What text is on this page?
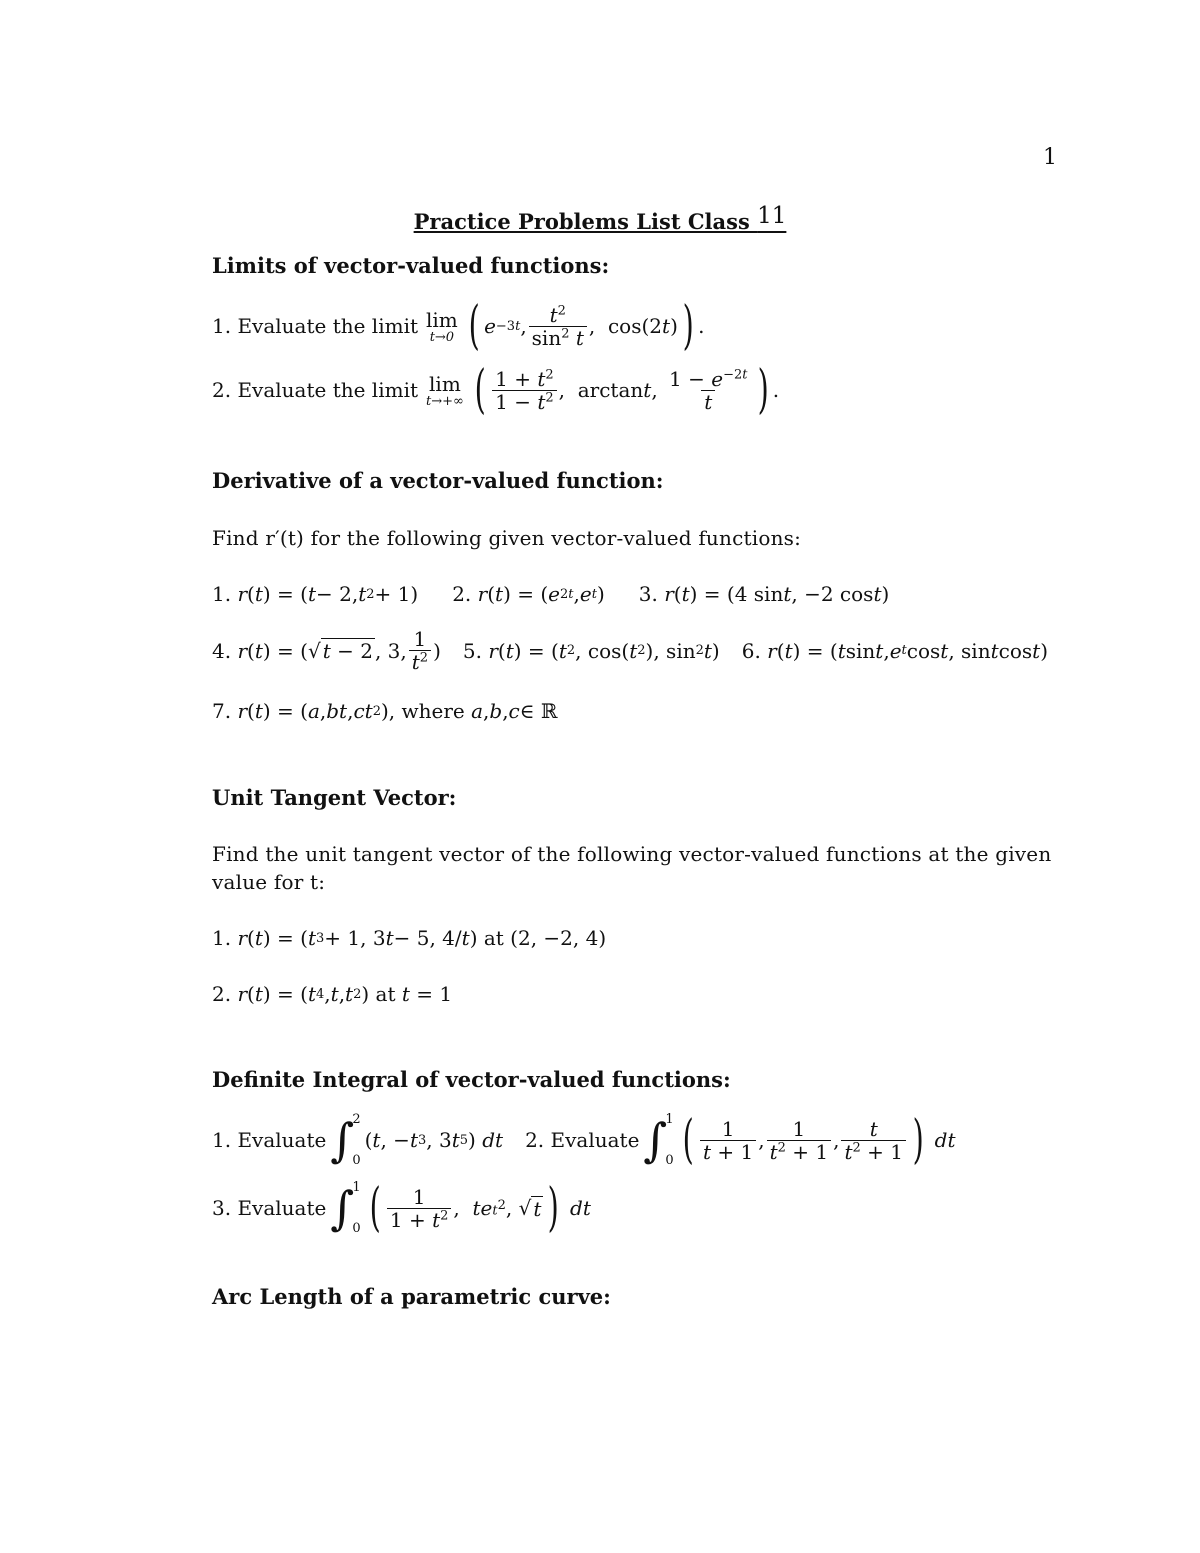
1
Practice Problems List Class 11
Limits of vector-valued functions:
1. Evaluate the limit lim
t→0 ( e −3t , $\frac{t^2}{\sin^2 t}$ ,  cos(2 t ) ) .
2. Evaluate the limit lim
t→+∞ ( $\frac{1 + t^2}{1 - t^2}$ ,  arctan t , $\frac{1 - e^{-2t}}{t}$ ) .
Derivative of a vector-valued function:
Find r′(t) for the following given vector-valued functions:
1. r ( t ) = ( t − 2, t 2 + 1)
2. r ( t ) = ( e 2t , e t )
3. r ( t ) = (4 sin t , −2 cos t )
4. r ( t ) = (√ t − 2 , 3, $\frac{1}{t^2}$ )
5. r ( t ) = ( t 2 , cos( t 2 ), sin 2 t )
6. r ( t ) = ( t sin t , e t cos t , sin t cos t )
7. r ( t ) = ( a , bt , ct 2 ), where a , b , c ∈ ℝ
Unit Tangent Vector:
Find the unit tangent vector of the following vector-valued functions at the given
value for t:
1. r ( t ) = ( t 3 + 1, 3 t − 5, 4/ t ) at (2, −2, 4)
2. r ( t ) = ( t 4 , t , t 2 ) at t = 1
Definite Integral of vector-valued functions:
1. Evaluate ∫
2
0
( t , − t 3 , 3 t 5 ) dt 2. Evaluate ∫
1
0 ( $\frac{1}{t + 1}$ , $\frac{1}{t^2 + 1}$ , $\frac{t}{t^2 + 1}$ ) dt
3. Evaluate ∫
1
0 ( $\frac{1}{1 + t^2}$ , te $t^2$ , √ t ) dt
Arc Length of a parametric curve:
